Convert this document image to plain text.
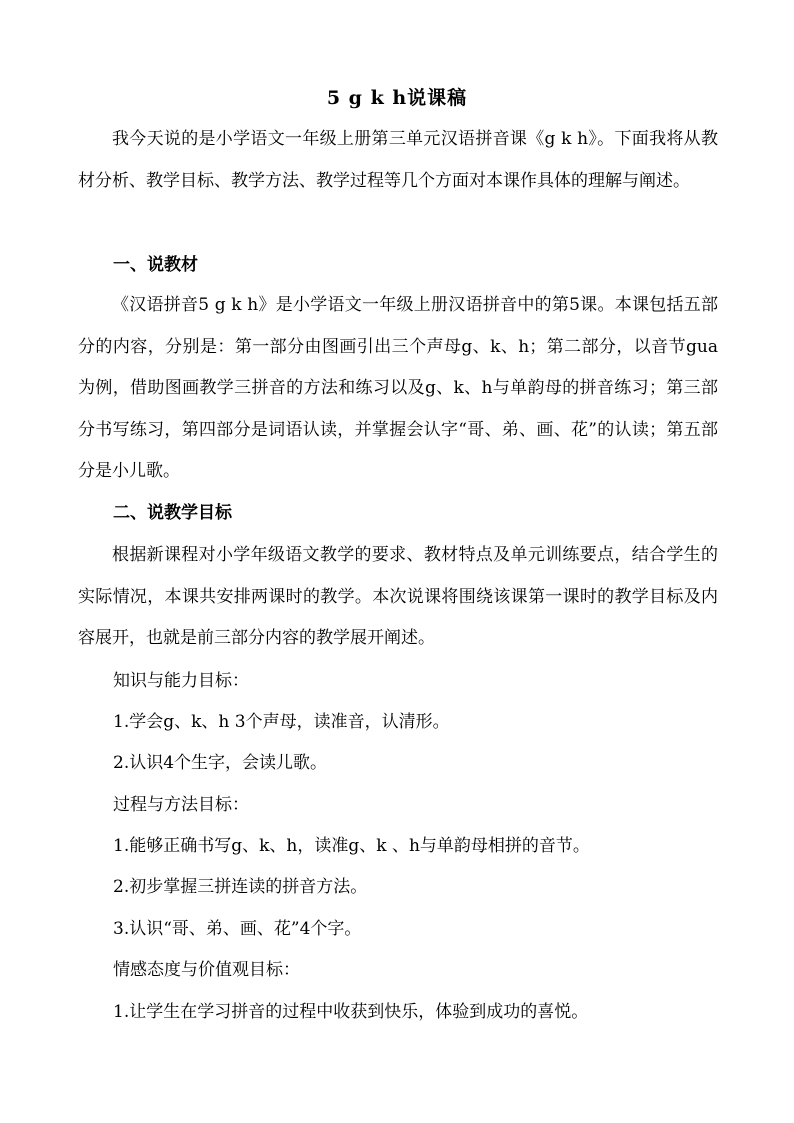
5 g k h说课稿

我今天说的是小学语文一年级上册第三单元汉语拼音课《g k h》。下面我将从教材分析、教学目标、教学方法、教学过程等几个方面对本课作具体的理解与阐述。

一、说教材

《汉语拼音5 g k h》是小学语文一年级上册汉语拼音中的第5课。本课包括五部分的内容，分别是：第一部分由图画引出三个声母g、k、h；第二部分，以音节gua为例，借助图画教学三拼音的方法和练习以及g、k、h与单韵母的拼音练习；第三部分书写练习，第四部分是词语认读，并掌握会认字“哥、弟、画、花”的认读；第五部分是小儿歌。

二、说教学目标

根据新课程对小学年级语文教学的要求、教材特点及单元训练要点，结合学生的实际情况，本课共安排两课时的教学。本次说课将围绕该课第一课时的教学目标及内容展开，也就是前三部分内容的教学展开阐述。

知识与能力目标：

1.学会g、k、h 3个声母，读准音，认清形。

2.认识4个生字，会读儿歌。

过程与方法目标：

1.能够正确书写g、k、h，读准g、k 、h与单韵母相拼的音节。

2.初步掌握三拼连读的拼音方法。

3.认识“哥、弟、画、花”4个字。

情感态度与价值观目标：

1.让学生在学习拼音的过程中收获到快乐，体验到成功的喜悦。
